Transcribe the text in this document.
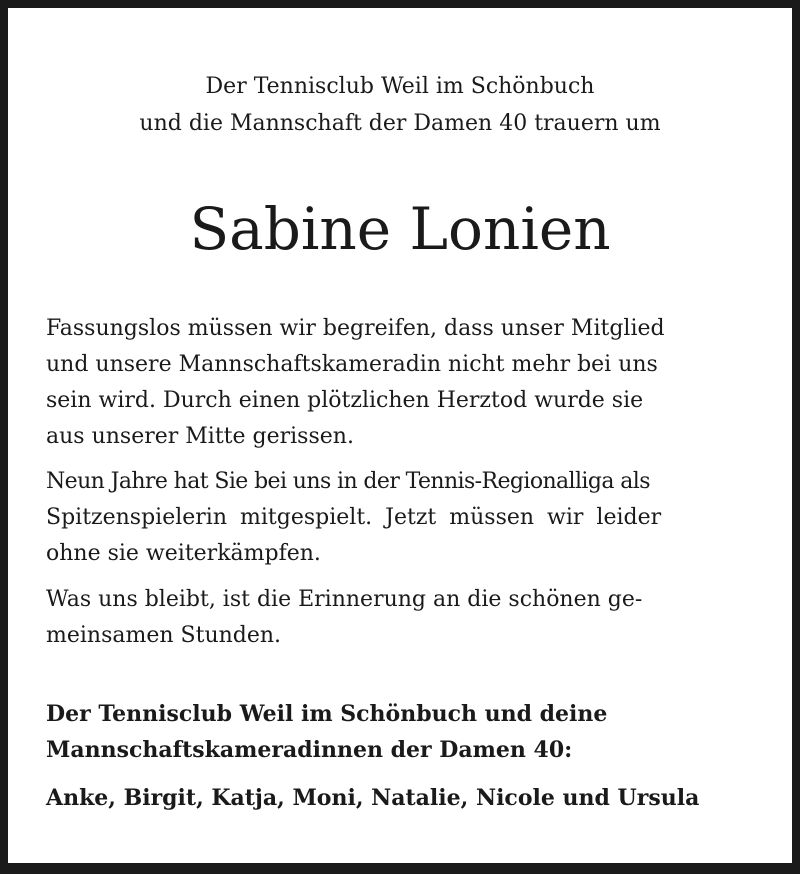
Der Tennisclub Weil im Schönbuch
und die Mannschaft der Damen 40 trauern um
Sabine Lonien
Fassungslos müssen wir begreifen, dass unser Mitglied
und unsere Mannschaftskameradin nicht mehr bei uns
sein wird. Durch einen plötzlichen Herztod wurde sie
aus unserer Mitte gerissen.
Neun Jahre hat Sie bei uns in der Tennis-Regionalliga als
Spitzenspielerin mitgespielt. Jetzt müssen wir leider
ohne sie weiterkämpfen.
Was uns bleibt, ist die Erinnerung an die schönen ge-
meinsamen Stunden.
Der Tennisclub Weil im Schönbuch und deine
Mannschaftskameradinnen der Damen 40:
Anke, Birgit, Katja, Moni, Natalie, Nicole und Ursula
